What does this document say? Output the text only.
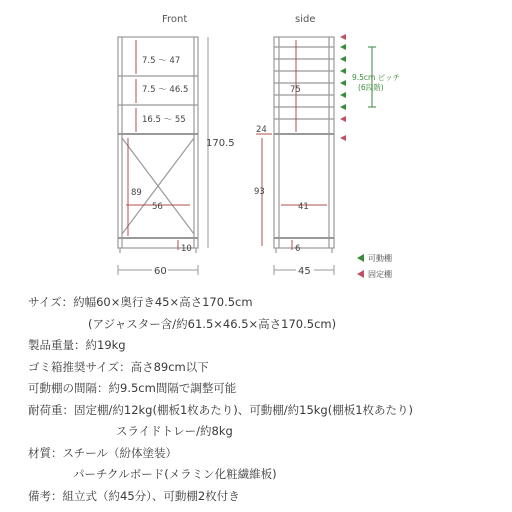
Front
7.5 ～ 47
7.5 ～ 46.5
16.5 ～ 55
89
56
10
170.5
60
side
75
24
93
41
6
45
9.5cm ピッチ
(6段階)
可動棚
固定棚
サイズ：約幅60×奥行き45×高さ170.5cm
(アジャスター含/約61.5×46.5×高さ170.5cm)
製品重量：約19kg
ゴミ箱推奨サイズ：高さ89cm以下
可動棚の間隔：約9.5cm間隔で調整可能
耐荷重：固定棚/約12kg(棚板1枚あたり)、可動棚/約15kg(棚板1枚あたり)
スライドトレー/約8kg
材質：スチール（紛体塗装）
パーチクルボード(メラミン化粧繊維板)
備考：組立式（約45分）、可動棚2枚付き
